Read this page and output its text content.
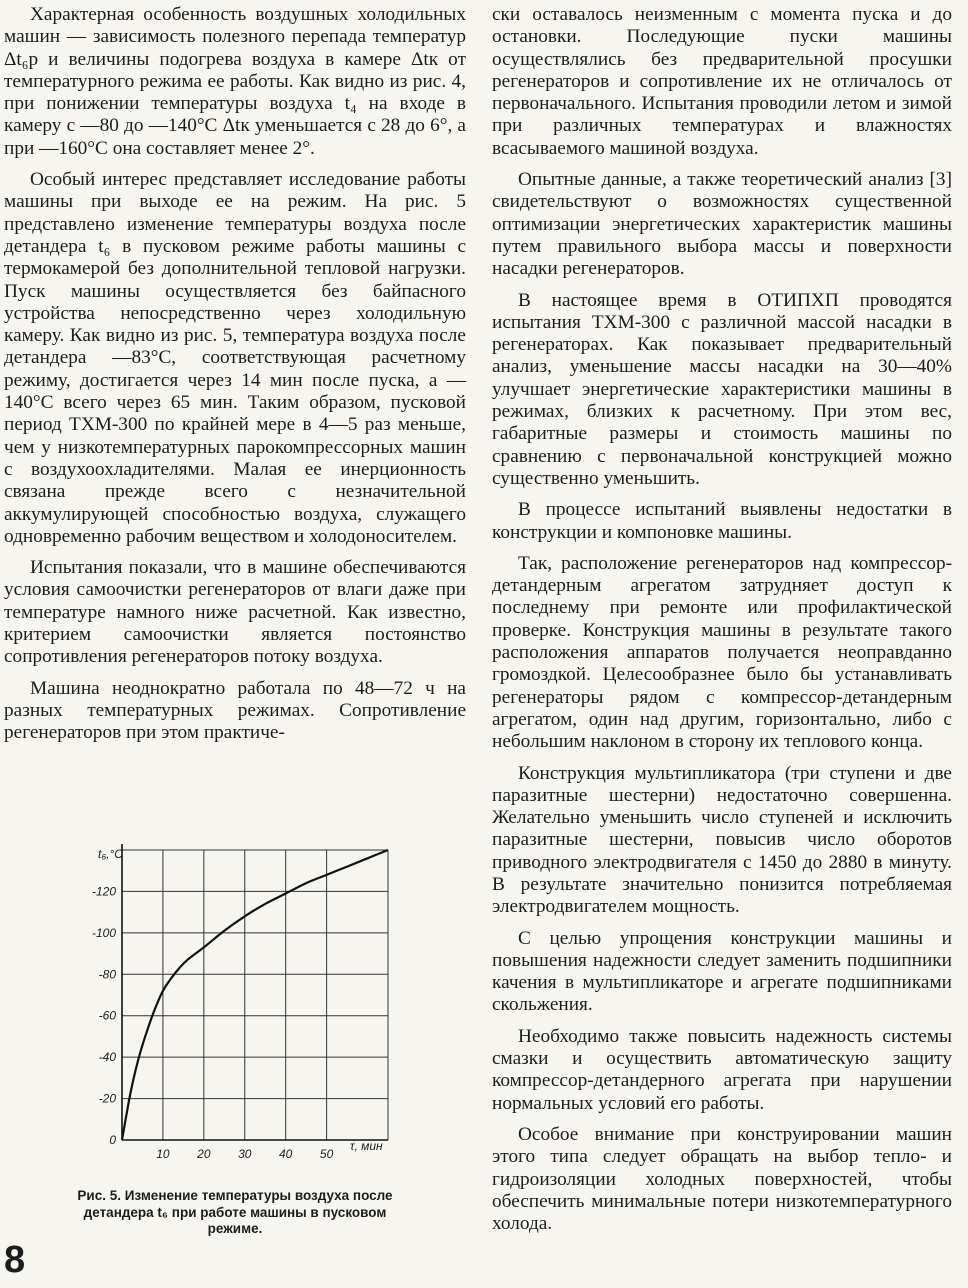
Характерная особенность воздушных холодильных машин — зависимость полезного перепада температур Δt₆р и величины подогрева воздуха в камере Δtк от температурного режима ее работы. Как видно из рис. 4, при понижении температуры воздуха t₄ на входе в камеру с —80 до —140°С Δtк уменьшается с 28 до 6°, а при —160°С она составляет менее 2°.

Особый интерес представляет исследование работы машины при выходе ее на режим. На рис. 5 представлено изменение температуры воздуха после детандера t₆ в пусковом режиме работы машины с термокамерой без дополнительной тепловой нагрузки. Пуск машины осуществляется без байпасного устройства непосредственно через холодильную камеру. Как видно из рис. 5, температура воздуха после детандера —83°С, соответствующая расчетному режиму, достигается через 14 мин после пуска, а —140°С всего через 65 мин. Таким образом, пусковой период ТХМ-300 по крайней мере в 4—5 раз меньше, чем у низкотемпературных парокомпрессорных машин с воздухоохладителями. Малая ее инерционность связана прежде всего с незначительной аккумулирующей способностью воздуха, служащего одновременно рабочим веществом и холодоносителем.

Испытания показали, что в машине обеспечиваются условия самоочистки регенераторов от влаги даже при температуре намного ниже расчетной. Как известно, критерием самоочистки является постоянство сопротивления регенераторов потоку воздуха.

Машина неоднократно работала по 48—72 ч на разных температурных режимах. Сопротивление регенераторов при этом практиче-

ски оставалось неизменным с момента пуска и до остановки. Последующие пуски машины осуществлялись без предварительной просушки регенераторов и сопротивление их не отличалось от первоначального. Испытания проводили летом и зимой при различных температурах и влажностях всасываемого машиной воздуха.

Опытные данные, а также теоретический анализ [3] свидетельствуют о возможностях существенной оптимизации энергетических характеристик машины путем правильного выбора массы и поверхности насадки регенераторов.

В настоящее время в ОТИПХП проводятся испытания ТХМ-300 с различной массой насадки в регенераторах. Как показывает предварительный анализ, уменьшение массы насадки на 30—40% улучшает энергетические характеристики машины в режимах, близких к расчетному. При этом вес, габаритные размеры и стоимость машины по сравнению с первоначальной конструкцией можно существенно уменьшить.

В процессе испытаний выявлены недостатки в конструкции и компоновке машины.

Так, расположение регенераторов над компрессор-детандерным агрегатом затрудняет доступ к последнему при ремонте или профилактической проверке. Конструкция машины в результате такого расположения аппаратов получается неоправданно громоздкой. Целесообразнее было бы устанавливать регенераторы рядом с компрессор-детандерным агрегатом, один над другим, горизонтально, либо с небольшим наклоном в сторону их теплового конца.

Конструкция мультипликатора (три ступени и две паразитные шестерни) недостаточно совершенна. Желательно уменьшить число ступеней и исключить паразитные шестерни, повысив число оборотов приводного электродвигателя с 1450 до 2880 в минуту. В результате значительно понизится потребляемая электродвигателем мощность.

С целью упрощения конструкции машины и повышения надежности следует заменить подшипники качения в мультипликаторе и агрегате подшипниками скольжения.

Необходимо также повысить надежность системы смазки и осуществить автоматическую защиту компрессор-детандерного агрегата при нарушении нормальных условий его работы.

Особое внимание при конструировании машин этого типа следует обращать на выбор тепло- и гидроизоляции холодных поверхностей, чтобы обеспечить минимальные потери низкотемпературного холода.

10 20 30 40 50
-20
-40
-60
-80
-100
-120
0
t₆,°C
τ, мин
Рис. 5. Изменение температуры воздуха после детандера t₆ при работе машины в пусковом режиме.
8
